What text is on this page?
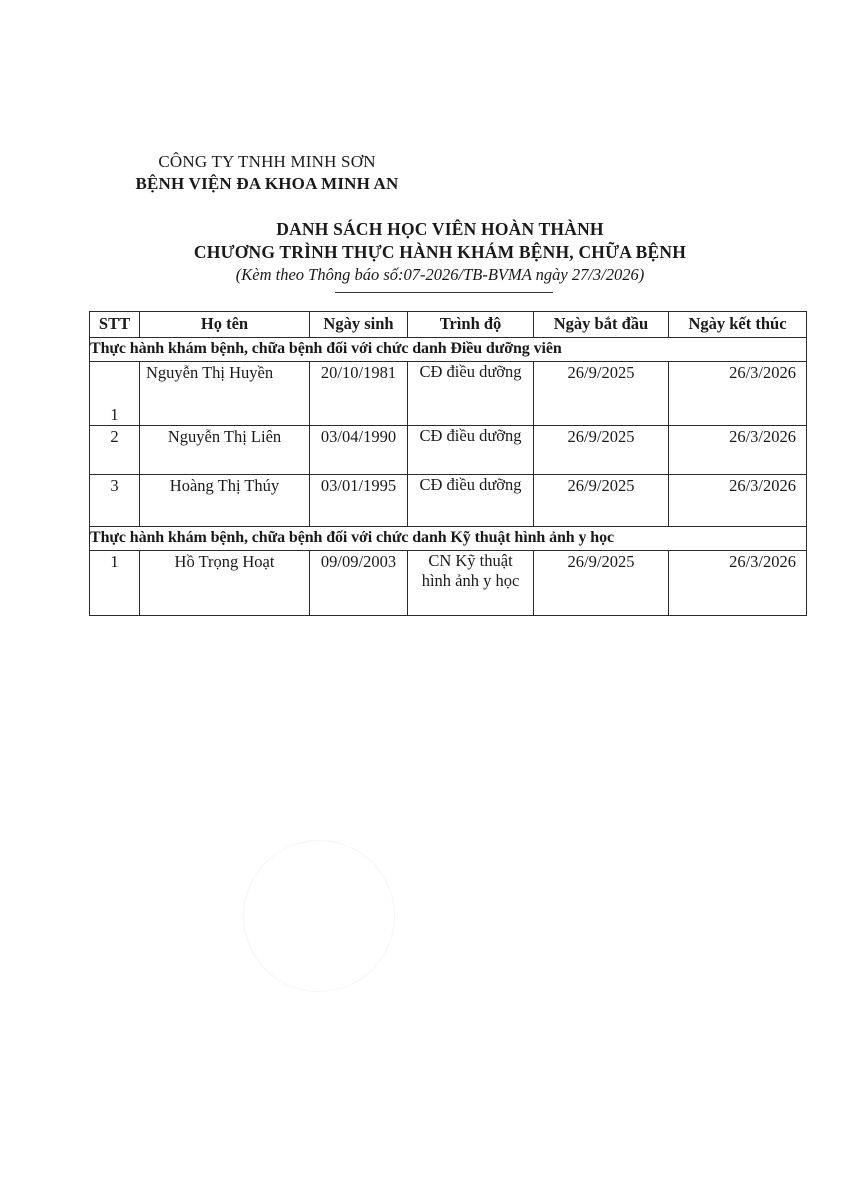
CÔNG TY TNHH MINH SƠN
BỆNH VIỆN ĐA KHOA MINH AN
DANH SÁCH HỌC VIÊN HOÀN THÀNH
CHƯƠNG TRÌNH THỰC HÀNH KHÁM BỆNH, CHỮA BỆNH
(Kèm theo Thông báo số:07-2026/TB-BVMA ngày 27/3/2026)
STT	Họ tên	Ngày sinh	Trình độ	Ngày bắt đầu	Ngày kết thúc
Thực hành khám bệnh, chữa bệnh đối với chức danh Điều dưỡng viên					
1	Nguyễn Thị Huyền	20/10/1981	CĐ điều dưỡng	26/9/2025	26/3/2026
2	Nguyễn Thị Liên	03/04/1990	CĐ điều dưỡng	26/9/2025	26/3/2026
3	Hoàng Thị Thúy	03/01/1995	CĐ điều dưỡng	26/9/2025	26/3/2026
Thực hành khám bệnh, chữa bệnh đối với chức danh Kỹ thuật hình ảnh y học					
1	Hồ Trọng Hoạt	09/09/2003	CN Kỹ thuật hình ảnh y học	26/9/2025	26/3/2026
